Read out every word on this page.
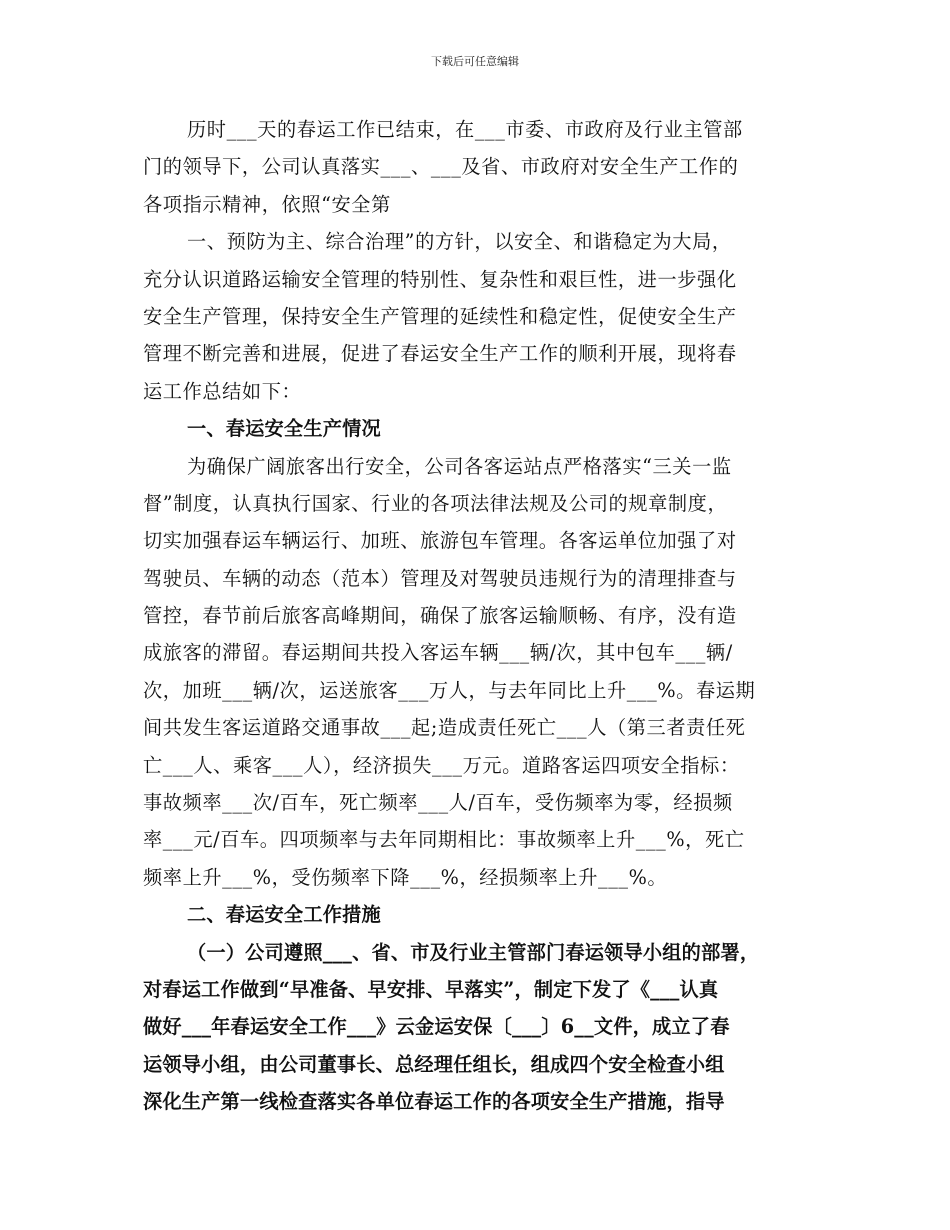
下载后可任意编辑
历时___天的春运工作已结束，在___市委、市政府及行业主管部
门的领导下，公司认真落实___、___及省、市政府对安全生产工作的
各项指示精神，依照“安全第
一、预防为主、综合治理”的方针，以安全、和谐稳定为大局，
充分认识道路运输安全管理的特别性、复杂性和艰巨性，进一步强化
安全生产管理，保持安全生产管理的延续性和稳定性，促使安全生产
管理不断完善和进展，促进了春运安全生产工作的顺利开展，现将春
运工作总结如下：
一、春运安全生产情况
为确保广阔旅客出行安全，公司各客运站点严格落实“三关一监
督”制度，认真执行国家、行业的各项法律法规及公司的规章制度，
切实加强春运车辆运行、加班、旅游包车管理。各客运单位加强了对
驾驶员、车辆的动态（范本）管理及对驾驶员违规行为的清理排查与
管控，春节前后旅客高峰期间，确保了旅客运输顺畅、有序，没有造
成旅客的滞留。春运期间共投入客运车辆___辆/次，其中包车___辆/
次，加班___辆/次，运送旅客___万人，与去年同比上升___%。春运期
间共发生客运道路交通事故___起;造成责任死亡___人（第三者责任死
亡___人、乘客___人），经济损失___万元。道路客运四项安全指标：
事故频率___次/百车，死亡频率___人/百车，受伤频率为零，经损频
率___元/百车。四项频率与去年同期相比：事故频率上升___%，死亡
频率上升___%，受伤频率下降___%，经损频率上升___%。
二、春运安全工作措施
（一）公司遵照___、省、市及行业主管部门春运领导小组的部署，
对春运工作做到“早准备、早安排、早落实”，制定下发了《___认真
做好___年春运安全工作___》云金运安保〔___〕6__文件，成立了春
运领导小组，由公司董事长、总经理任组长，组成四个安全检查小组
深化生产第一线检查落实各单位春运工作的各项安全生产措施，指导
